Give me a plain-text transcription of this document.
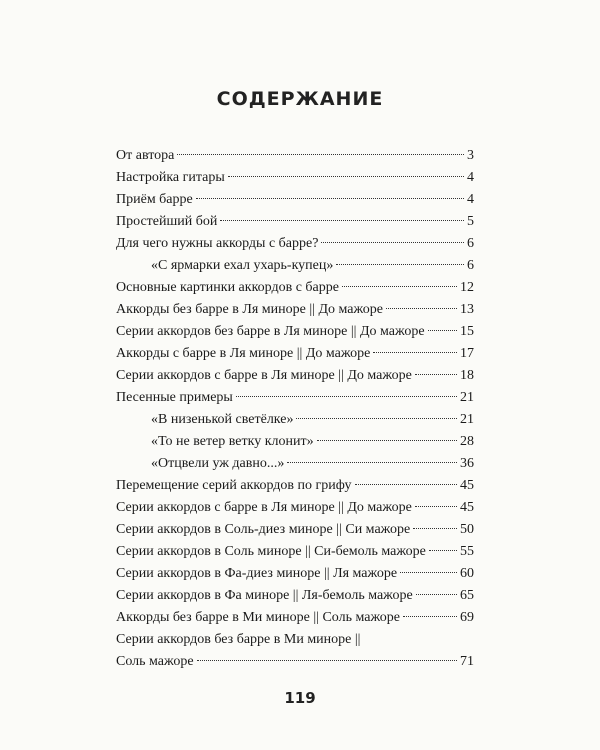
СОДЕРЖАНИЕ
От автора	3
Настройка гитары	4
Приём барре	4
Простейший бой	5
Для чего нужны аккорды с барре?	6
«С ярмарки ехал ухарь-купец»	6
Основные картинки аккордов с барре	12
Аккорды без барре в Ля миноре || До мажоре	13
Серии аккордов без барре в Ля миноре || До мажоре	15
Аккорды с барре в Ля миноре || До мажоре	17
Серии аккордов с барре в Ля миноре || До мажоре	18
Песенные примеры	21
«В низенькой светёлке»	21
«То не ветер ветку клонит»	28
«Отцвели уж давно...»	36
Перемещение серий аккордов по грифу	45
Серии аккордов с барре в Ля миноре || До мажоре	45
Серии аккордов в Соль-диез миноре || Си мажоре	50
Серии аккордов в Соль миноре || Си-бемоль мажоре 55
Серии аккордов в Фа-диез миноре || Ля мажоре	60
Серии аккордов в Фа миноре || Ля-бемоль мажоре	65
Аккорды без барре в Ми миноре || Соль мажоре	69
Серии аккордов без барре в Ми миноре ||
Соль мажоре	71
119
